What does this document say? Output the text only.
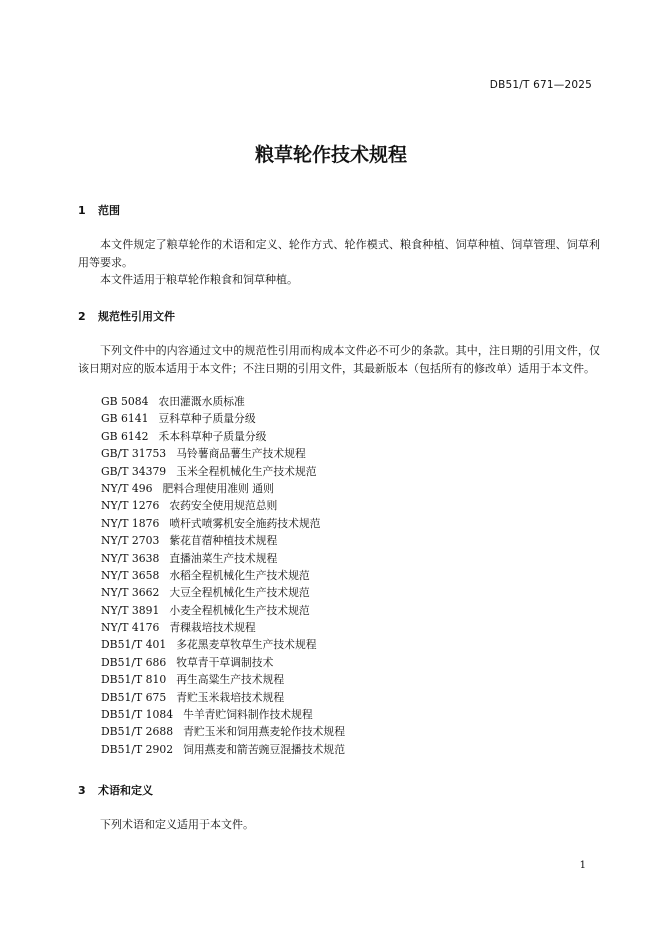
DB51/T 671—2025
粮草轮作技术规程
1 范围
本文件规定了粮草轮作的术语和定义、轮作方式、轮作模式、粮食种植、饲草种植、饲草管理、饲草利用等要求。
本文件适用于粮草轮作粮食和饲草种植。
2 规范性引用文件
下列文件中的内容通过文中的规范性引用而构成本文件必不可少的条款。其中，注日期的引用文件，仅该日期对应的版本适用于本文件；不注日期的引用文件，其最新版本（包括所有的修改单）适用于本文件。
GB 5084 农田灌溉水质标准
GB 6141 豆科草种子质量分级
GB 6142 禾本科草种子质量分级
GB/T 31753 马铃薯商品薯生产技术规程
GB/T 34379 玉米全程机械化生产技术规范
NY/T 496 肥料合理使用准则 通则
NY/T 1276 农药安全使用规范总则
NY/T 1876 喷杆式喷雾机安全施药技术规范
NY/T 2703 紫花苜蓿种植技术规程
NY/T 3638 直播油菜生产技术规程
NY/T 3658 水稻全程机械化生产技术规范
NY/T 3662 大豆全程机械化生产技术规范
NY/T 3891 小麦全程机械化生产技术规范
NY/T 4176 青稞栽培技术规程
DB51/T 401 多花黑麦草牧草生产技术规程
DB51/T 686 牧草青干草调制技术
DB51/T 810 再生高粱生产技术规程
DB51/T 675 青贮玉米栽培技术规程
DB51/T 1084 牛羊青贮饲料制作技术规程
DB51/T 2688 青贮玉米和饲用燕麦轮作技术规程
DB51/T 2902 饲用燕麦和箭苦豌豆混播技术规范
3 术语和定义
下列术语和定义适用于本文件。
1
